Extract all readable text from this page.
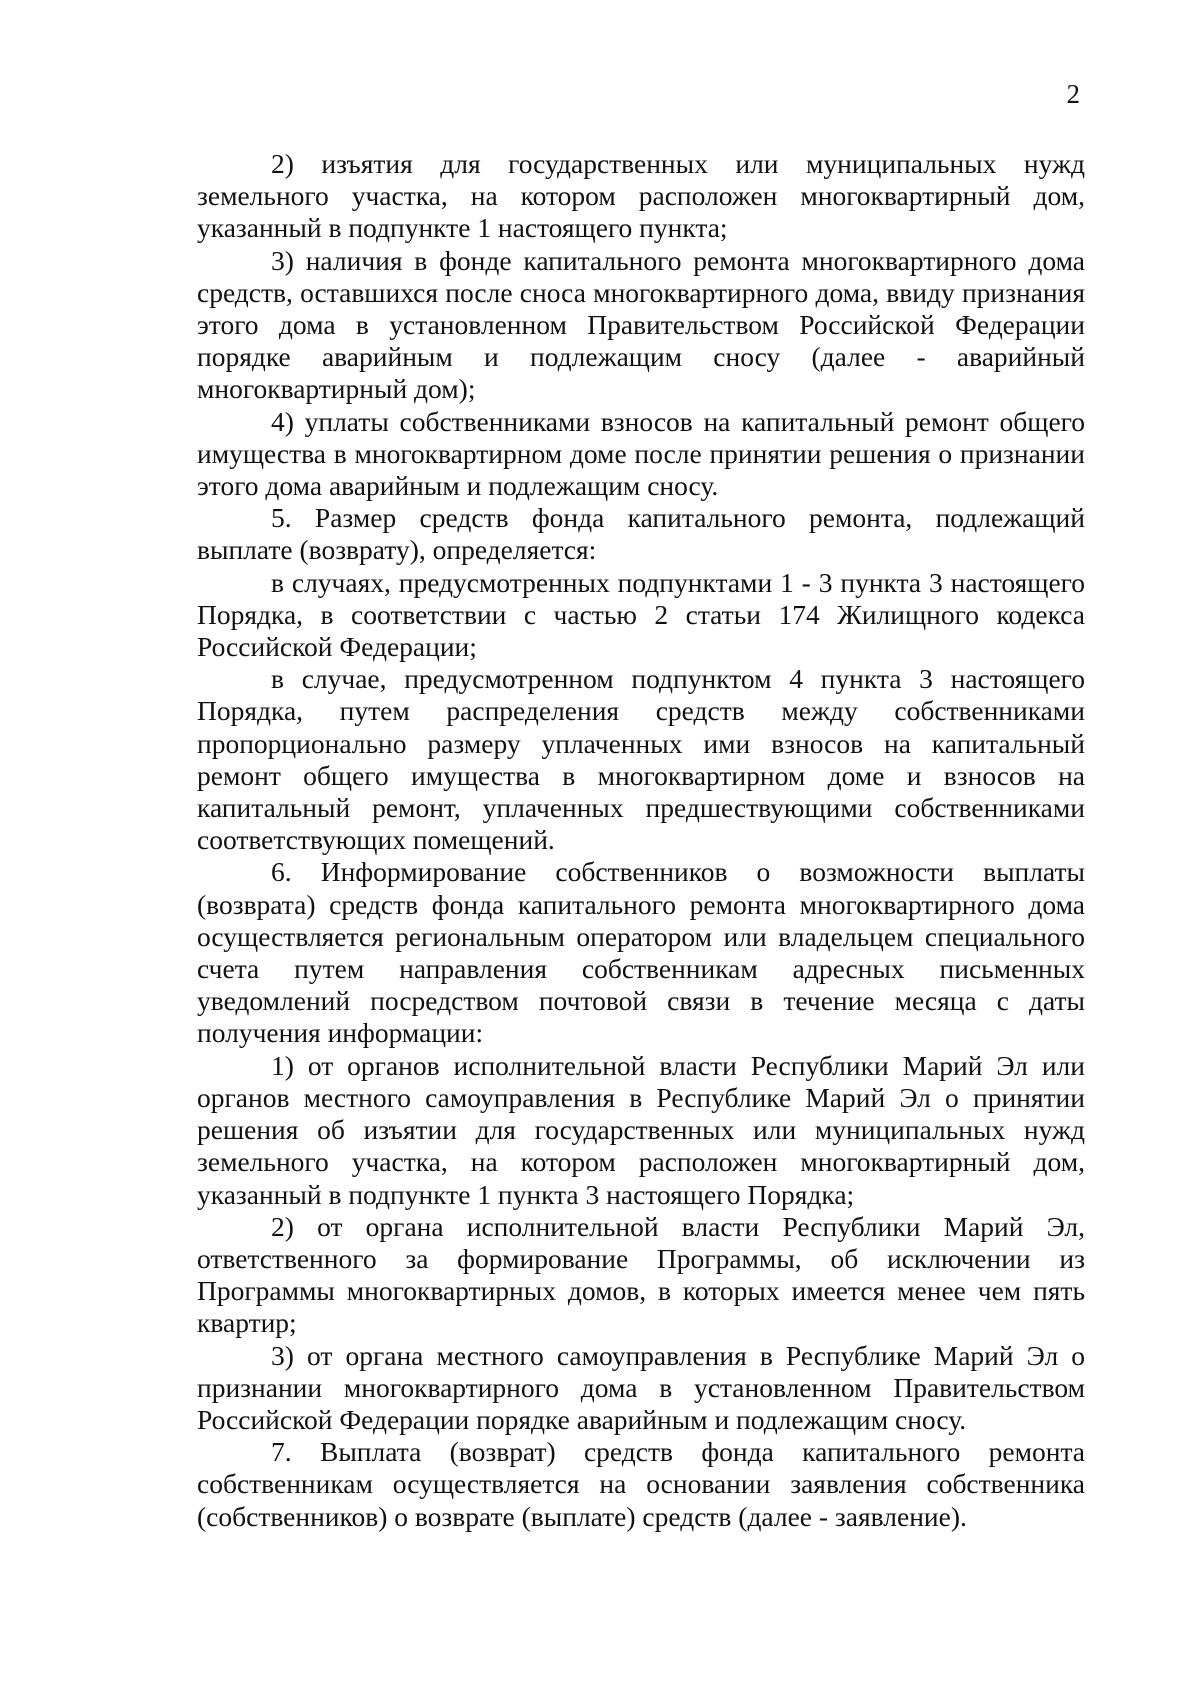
2

2) изъятия для государственных или муниципальных нужд земельного участка, на котором расположен многоквартирный дом, указанный в подпункте 1 настоящего пункта;

3) наличия в фонде капитального ремонта многоквартирного дома средств, оставшихся после сноса многоквартирного дома, ввиду признания этого дома в установленном Правительством Российской Федерации порядке аварийным и подлежащим сносу (далее - аварийный многоквартирный дом);

4) уплаты собственниками взносов на капитальный ремонт общего имущества в многоквартирном доме после принятии решения о признании этого дома аварийным и подлежащим сносу.

5. Размер средств фонда капитального ремонта, подлежащий выплате (возврату), определяется:

в случаях, предусмотренных подпунктами 1 - 3 пункта 3 настоящего Порядка, в соответствии с частью 2 статьи 174 Жилищного кодекса Российской Федерации;

в случае, предусмотренном подпунктом 4 пункта 3 настоящего Порядка, путем распределения средств между собственниками пропорционально размеру уплаченных ими взносов на капитальный ремонт общего имущества в многоквартирном доме и взносов на капитальный ремонт, уплаченных предшествующими собственниками соответствующих помещений.

6. Информирование собственников о возможности выплаты (возврата) средств фонда капитального ремонта многоквартирного дома осуществляется региональным оператором или владельцем специального счета путем направления собственникам адресных письменных уведомлений посредством почтовой связи в течение месяца с даты получения информации:

1) от органов исполнительной власти Республики Марий Эл или органов местного самоуправления в Республике Марий Эл о принятии решения об изъятии для государственных или муниципальных нужд земельного участка, на котором расположен многоквартирный дом, указанный в подпункте 1 пункта 3 настоящего Порядка;

2) от органа исполнительной власти Республики Марий Эл, ответственного за формирование Программы, об исключении из Программы многоквартирных домов, в которых имеется менее чем пять квартир;

3) от органа местного самоуправления в Республике Марий Эл о признании многоквартирного дома в установленном Правительством Российской Федерации порядке аварийным и подлежащим сносу.

7. Выплата (возврат) средств фонда капитального ремонта собственникам осуществляется на основании заявления собственника (собственников) о возврате (выплате) средств (далее - заявление).
